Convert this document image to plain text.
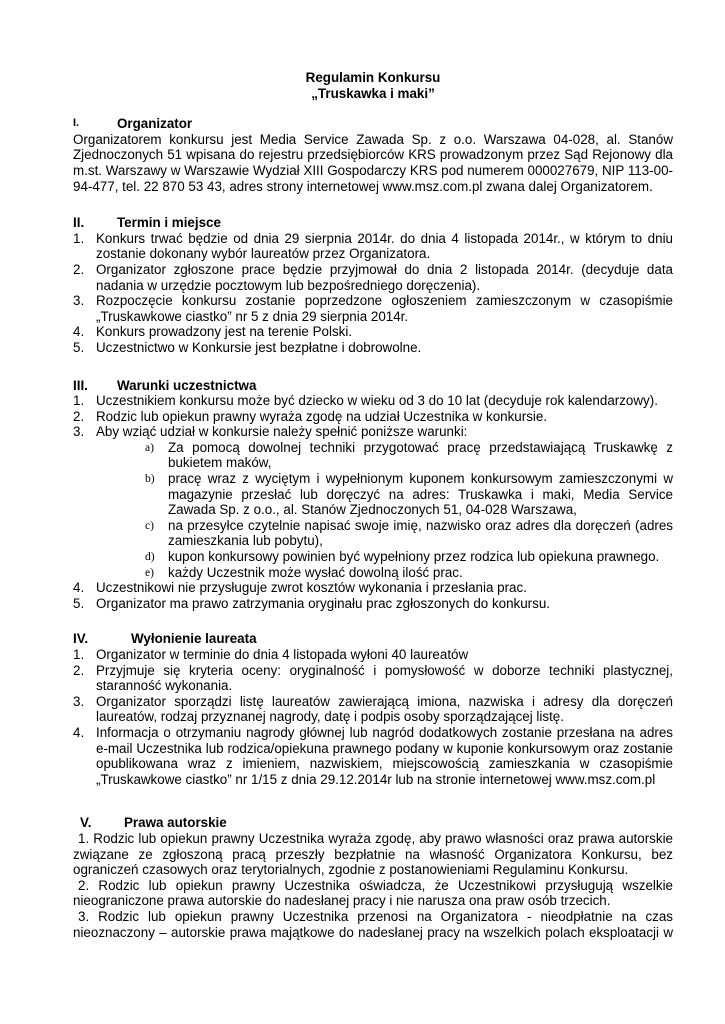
Regulamin Konkursu

„Truskawka i maki”

I.	Organizator

Organizatorem konkursu jest Media Service Zawada Sp. z o.o. Warszawa 04-028, al. Stanów Zjednoczonych 51 wpisana do rejestru przedsiębiorców KRS prowadzonym przez Sąd Rejonowy dla m.st. Warszawy w Warszawie Wydział XIII Gospodarczy KRS pod numerem 000027679, NIP 113-00-94-477, tel. 22 870 53 43, adres strony internetowej www.msz.com.pl zwana dalej Organizatorem.

II.	Termin i miejsce
1. Konkurs trwać będzie od dnia 29 sierpnia 2014r. do dnia 4 listopada 2014r., w którym to dniu zostanie dokonany wybór laureatów przez Organizatora.
2. Organizator zgłoszone prace będzie przyjmował do dnia 2 listopada 2014r. (decyduje data nadania w urzędzie pocztowym lub bezpośredniego doręczenia).
3. Rozpoczęcie konkursu zostanie poprzedzone ogłoszeniem zamieszczonym w czasopiśmie „Truskawkowe ciastko” nr 5 z dnia 29 sierpnia 2014r.
4. Konkurs prowadzony jest na terenie Polski.
5. Uczestnictwo w Konkursie jest bezpłatne i dobrowolne.
III.	Warunki uczestnictwa
1. Uczestnikiem konkursu może być dziecko w wieku od 3 do 10 lat (decyduje rok kalendarzowy).
2. Rodzic lub opiekun prawny wyraża zgodę na udział Uczestnika w konkursie.
3. Aby wziąć udział w konkursie należy spełnić poniższe warunki:
a) Za pomocą dowolnej techniki przygotować pracę przedstawiającą Truskawkę z bukietem maków,
b) pracę wraz z wyciętym i wypełnionym kuponem konkursowym zamieszczonymi w magazynie przesłać lub doręczyć na adres: Truskawka i maki, Media Service Zawada Sp. z o.o., al. Stanów Zjednoczonych 51, 04-028 Warszawa,
c) na przesyłce czytelnie napisać swoje imię, nazwisko oraz adres dla doręczeń (adres zamieszkania lub pobytu),
d) kupon konkursowy powinien być wypełniony przez rodzica lub opiekuna prawnego.
e) każdy Uczestnik może wysłać dowolną ilość prac.
4. Uczestnikowi nie przysługuje zwrot kosztów wykonania i przesłania prac.
5. Organizator ma prawo zatrzymania oryginału prac zgłoszonych do konkursu.
IV.	Wyłonienie laureata
1. Organizator w terminie do dnia 4 listopada wyłoni 40 laureatów
2. Przyjmuje się kryteria oceny: oryginalność i pomysłowość w doborze techniki plastycznej, staranność wykonania.
3. Organizator sporządzi listę laureatów zawierającą imiona, nazwiska i adresy dla doręczeń laureatów, rodzaj przyznanej nagrody, datę i podpis osoby sporządzającej listę.
4. Informacja o otrzymaniu nagrody głównej lub nagród dodatkowych zostanie przesłana na adres e-mail Uczestnika lub rodzica/opiekuna prawnego podany w kuponie konkursowym oraz zostanie opublikowana wraz z imieniem, nazwiskiem, miejscowością zamieszkania w czasopiśmie „Truskawkowe ciastko” nr 1/15 z dnia 29.12.2014r lub na stronie internetowej www.msz.com.pl
V.	Prawa autorskie

1. Rodzic lub opiekun prawny Uczestnika wyraża zgodę, aby prawo własności oraz prawa autorskie związane ze zgłoszoną pracą przeszły bezpłatnie na własność Organizatora Konkursu, bez ograniczeń czasowych oraz terytorialnych, zgodnie z postanowieniami Regulaminu Konkursu.

2. Rodzic lub opiekun prawny Uczestnika oświadcza, że Uczestnikowi przysługują wszelkie nieograniczone prawa autorskie do nadesłanej pracy i nie narusza ona praw osób trzecich.

3. Rodzic lub opiekun prawny Uczestnika przenosi na Organizatora - nieodpłatnie na czas nieoznaczony – autorskie prawa majątkowe do nadesłanej pracy na wszelkich polach eksploatacji w
